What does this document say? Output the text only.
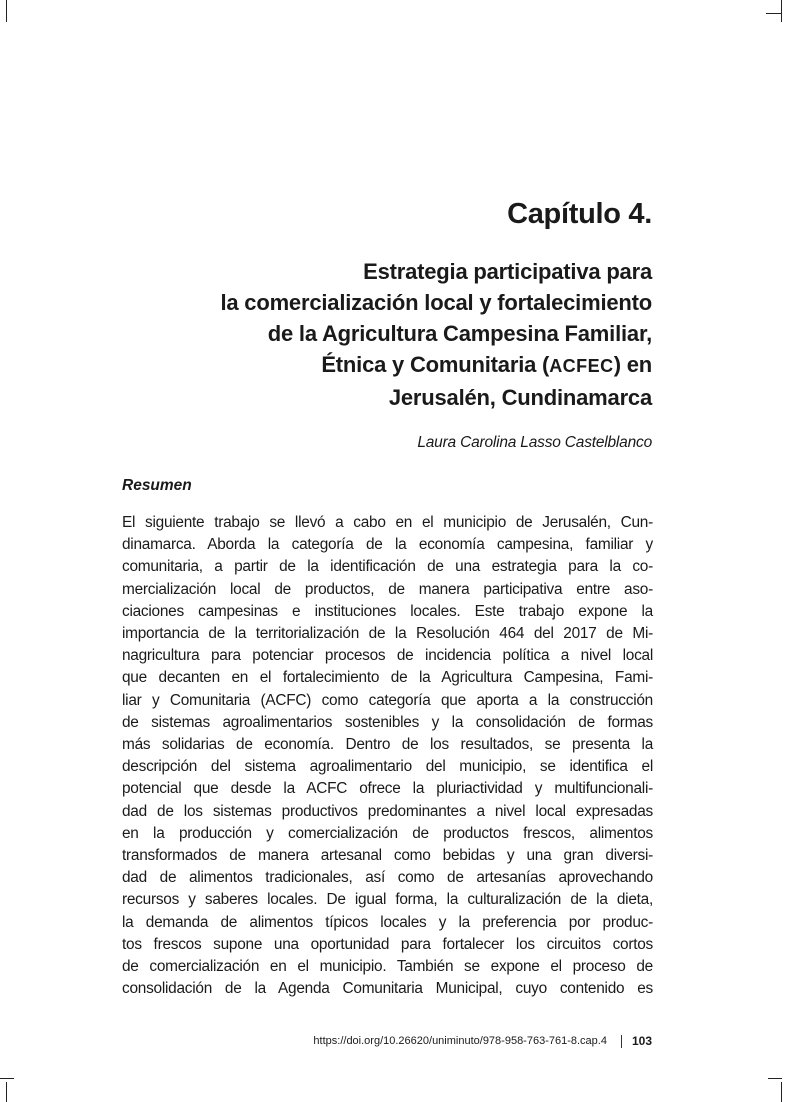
Capítulo 4.
Estrategia participativa para
la comercialización local y fortalecimiento
de la Agricultura Campesina Familiar,
Étnica y Comunitaria (ACFEC) en
Jerusalén, Cundinamarca
Laura Carolina Lasso Castelblanco
Resumen
El siguiente trabajo se llevó a cabo en el municipio de Jerusalén, Cun-
dinamarca. Aborda la categoría de la economía campesina, familiar y
comunitaria, a partir de la identificación de una estrategia para la co-
mercialización local de productos, de manera participativa entre aso-
ciaciones campesinas e instituciones locales. Este trabajo expone la
importancia de la territorialización de la Resolución 464 del 2017 de Mi-
nagricultura para potenciar procesos de incidencia política a nivel local
que decanten en el fortalecimiento de la Agricultura Campesina, Fami-
liar y Comunitaria (ACFC) como categoría que aporta a la construcción
de sistemas agroalimentarios sostenibles y la consolidación de formas
más solidarias de economía. Dentro de los resultados, se presenta la
descripción del sistema agroalimentario del municipio, se identifica el
potencial que desde la ACFC ofrece la pluriactividad y multifuncionali-
dad de los sistemas productivos predominantes a nivel local expresadas
en la producción y comercialización de productos frescos, alimentos
transformados de manera artesanal como bebidas y una gran diversi-
dad de alimentos tradicionales, así como de artesanías aprovechando
recursos y saberes locales. De igual forma, la culturalización de la dieta,
la demanda de alimentos típicos locales y la preferencia por produc-
tos frescos supone una oportunidad para fortalecer los circuitos cortos
de comercialización en el municipio. También se expone el proceso de
consolidación de la Agenda Comunitaria Municipal, cuyo contenido es
https://doi.org/10.26620/uniminuto/978-958-763-761-8.cap.4 103
